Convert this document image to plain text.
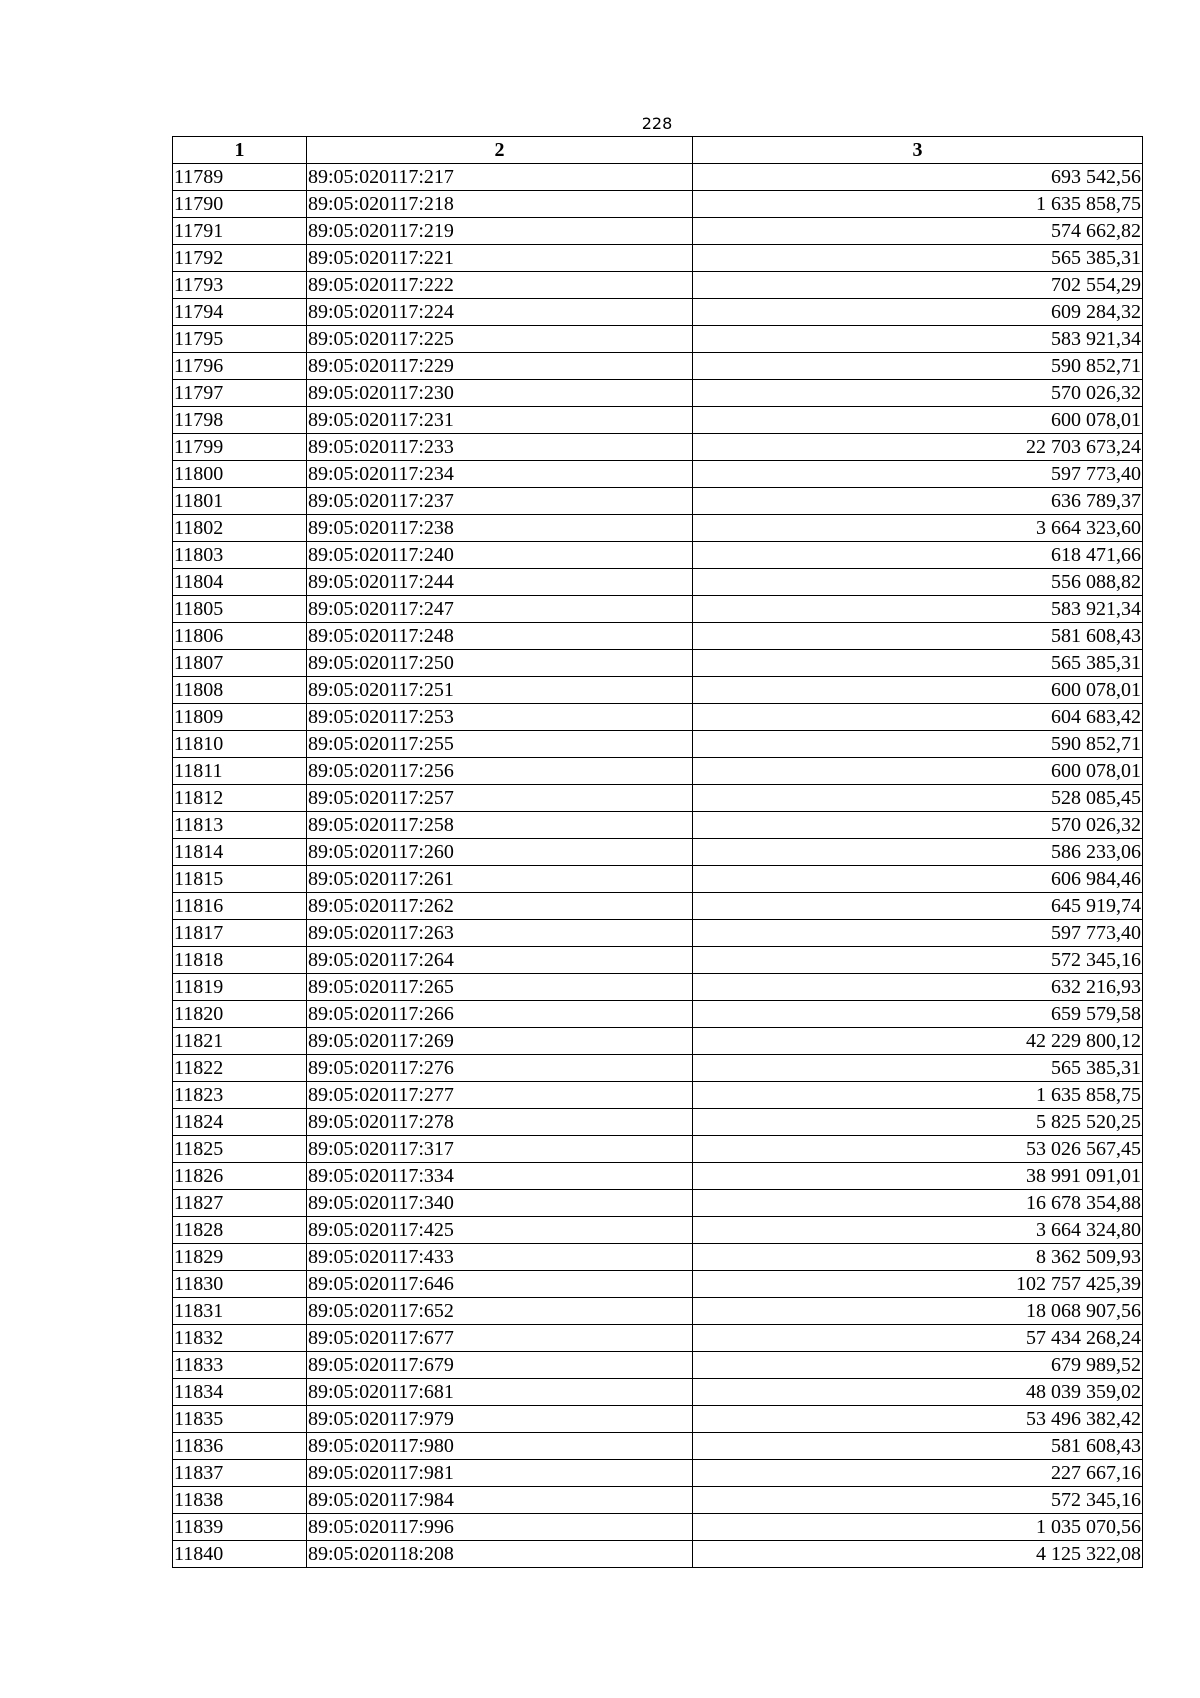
228
1	2	3
11789	89:05:020117:217	693 542,56
11790	89:05:020117:218	1 635 858,75
11791	89:05:020117:219	574 662,82
11792	89:05:020117:221	565 385,31
11793	89:05:020117:222	702 554,29
11794	89:05:020117:224	609 284,32
11795	89:05:020117:225	583 921,34
11796	89:05:020117:229	590 852,71
11797	89:05:020117:230	570 026,32
11798	89:05:020117:231	600 078,01
11799	89:05:020117:233	22 703 673,24
11800	89:05:020117:234	597 773,40
11801	89:05:020117:237	636 789,37
11802	89:05:020117:238	3 664 323,60
11803	89:05:020117:240	618 471,66
11804	89:05:020117:244	556 088,82
11805	89:05:020117:247	583 921,34
11806	89:05:020117:248	581 608,43
11807	89:05:020117:250	565 385,31
11808	89:05:020117:251	600 078,01
11809	89:05:020117:253	604 683,42
11810	89:05:020117:255	590 852,71
11811	89:05:020117:256	600 078,01
11812	89:05:020117:257	528 085,45
11813	89:05:020117:258	570 026,32
11814	89:05:020117:260	586 233,06
11815	89:05:020117:261	606 984,46
11816	89:05:020117:262	645 919,74
11817	89:05:020117:263	597 773,40
11818	89:05:020117:264	572 345,16
11819	89:05:020117:265	632 216,93
11820	89:05:020117:266	659 579,58
11821	89:05:020117:269	42 229 800,12
11822	89:05:020117:276	565 385,31
11823	89:05:020117:277	1 635 858,75
11824	89:05:020117:278	5 825 520,25
11825	89:05:020117:317	53 026 567,45
11826	89:05:020117:334	38 991 091,01
11827	89:05:020117:340	16 678 354,88
11828	89:05:020117:425	3 664 324,80
11829	89:05:020117:433	8 362 509,93
11830	89:05:020117:646	102 757 425,39
11831	89:05:020117:652	18 068 907,56
11832	89:05:020117:677	57 434 268,24
11833	89:05:020117:679	679 989,52
11834	89:05:020117:681	48 039 359,02
11835	89:05:020117:979	53 496 382,42
11836	89:05:020117:980	581 608,43
11837	89:05:020117:981	227 667,16
11838	89:05:020117:984	572 345,16
11839	89:05:020117:996	1 035 070,56
11840	89:05:020118:208	4 125 322,08
